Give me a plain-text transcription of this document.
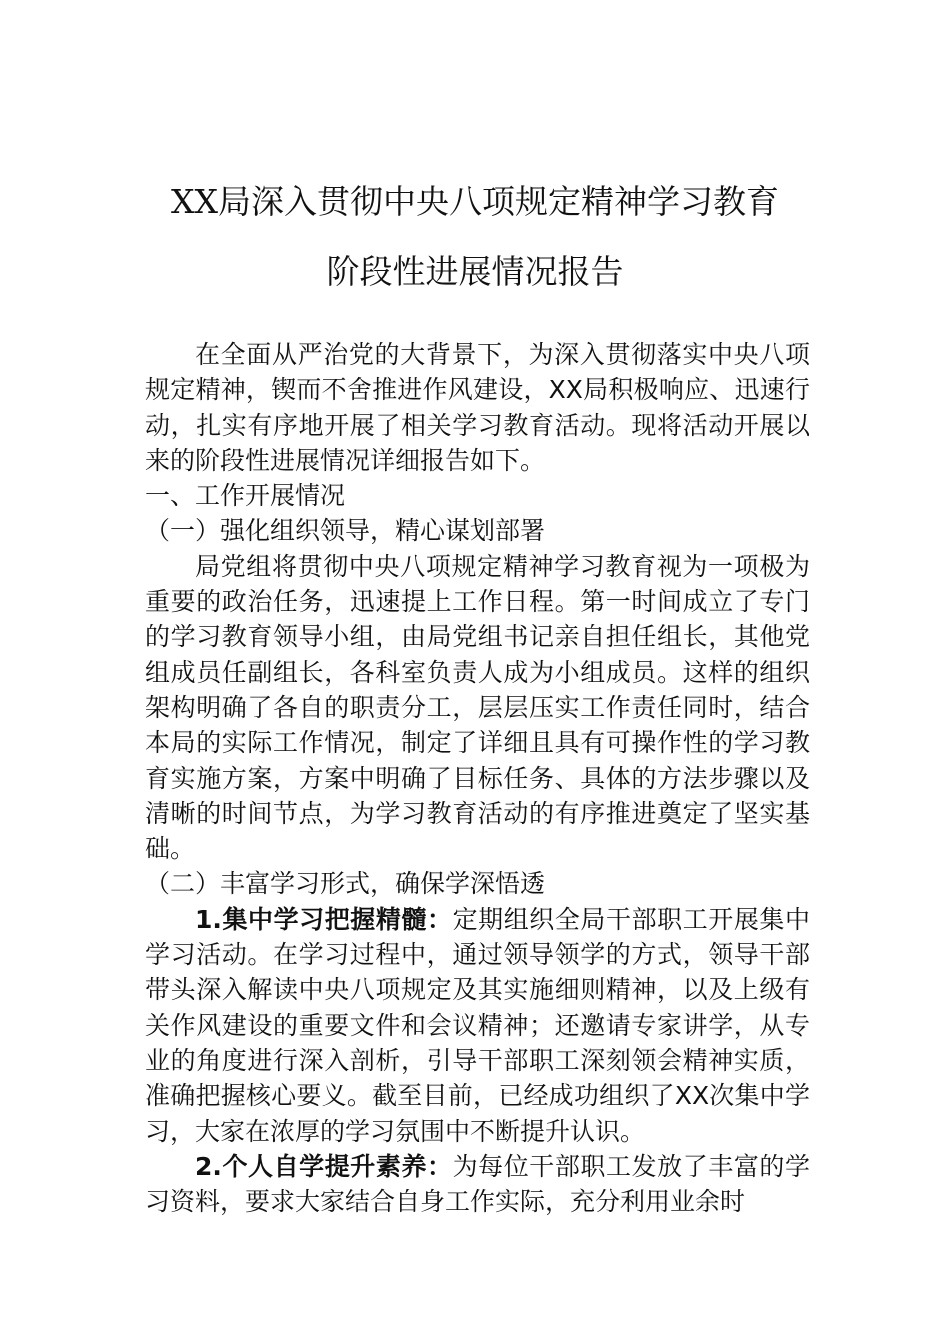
XX局深入贯彻中央八项规定精神学习教育
阶段性进展情况报告

在全面从严治党的大背景下，为深入贯彻落实中央八项规定精神，锲而不舍推进作风建设，XX局积极响应、迅速行动，扎实有序地开展了相关学习教育活动。现将活动开展以来的阶段性进展情况详细报告如下。

一、工作开展情况

（一）强化组织领导，精心谋划部署

局党组将贯彻中央八项规定精神学习教育视为一项极为重要的政治任务，迅速提上工作日程。第一时间成立了专门的学习教育领导小组，由局党组书记亲自担任组长，其他党组成员任副组长，各科室负责人成为小组成员。这样的组织架构明确了各自的职责分工，层层压实工作责任同时，结合本局的实际工作情况，制定了详细且具有可操作性的学习教育实施方案，方案中明确了目标任务、具体的方法步骤以及清晰的时间节点，为学习教育活动的有序推进奠定了坚实基础。

（二）丰富学习形式，确保学深悟透

1.集中学习把握精髓：定期组织全局干部职工开展集中学习活动。在学习过程中，通过领导领学的方式，领导干部带头深入解读中央八项规定及其实施细则精神，以及上级有关作风建设的重要文件和会议精神；还邀请专家讲学，从专业的角度进行深入剖析，引导干部职工深刻领会精神实质，准确把握核心要义。截至目前，已经成功组织了XX次集中学习，大家在浓厚的学习氛围中不断提升认识。

2.个人自学提升素养：为每位干部职工发放了丰富的学习资料，要求大家结合自身工作实际，充分利用业余时
